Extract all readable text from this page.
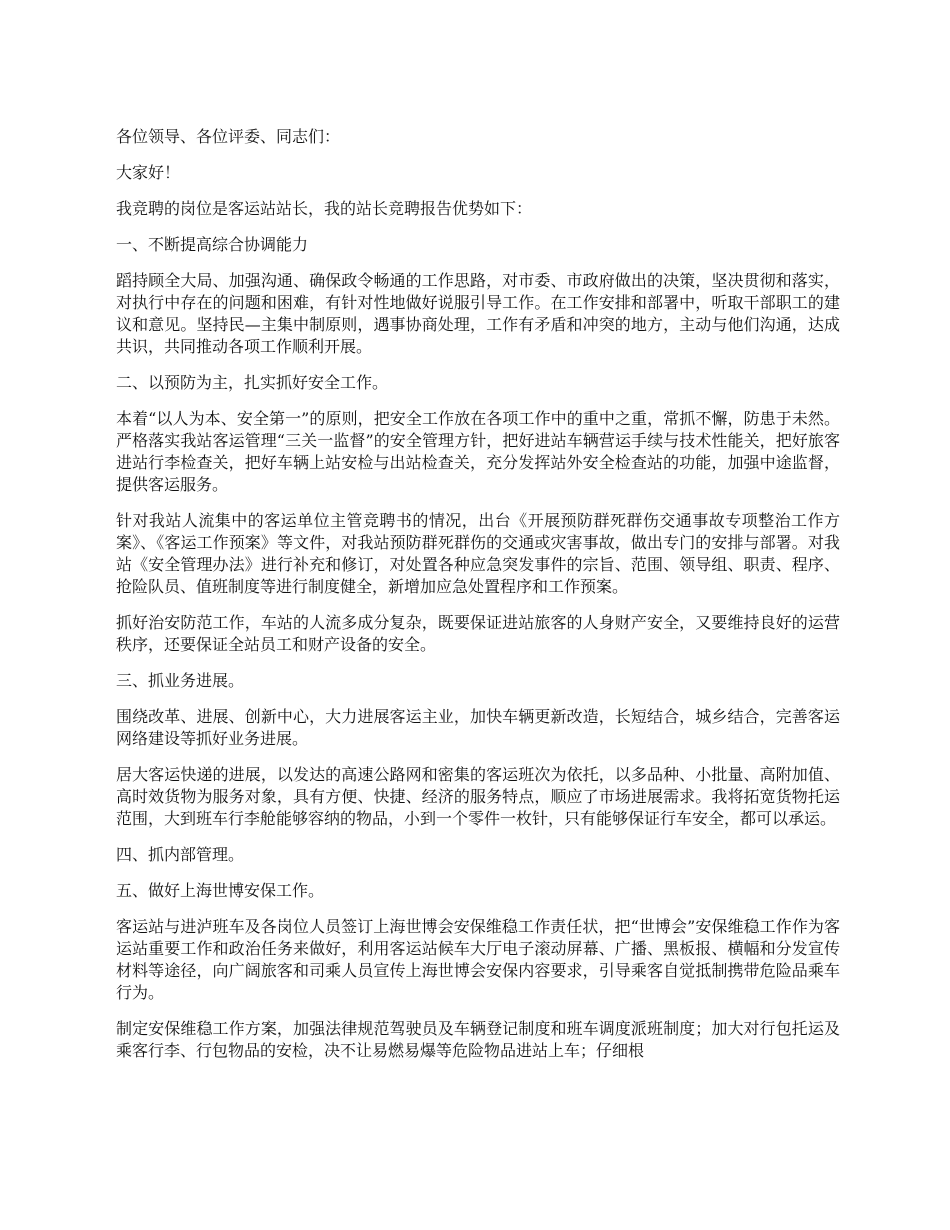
各位领导、各位评委、同志们：

大家好！

我竞聘的岗位是客运站站长，我的站长竞聘报告优势如下：

一、不断提高综合协调能力

蹈持顾全大局、加强沟通、确保政令畅通的工作思路，对市委、市政府做出的决策，坚决贯彻和落实，对执行中存在的问题和困难，有针对性地做好说服引导工作。在工作安排和部署中，听取干部职工的建议和意见。坚持民—主集中制原则，遇事协商处理，工作有矛盾和冲突的地方，主动与他们沟通，达成共识，共同推动各项工作顺利开展。

二、以预防为主，扎实抓好安全工作。

本着“以人为本、安全第一”的原则，把安全工作放在各项工作中的重中之重，常抓不懈，防患于未然。严格落实我站客运管理“三关一监督”的安全管理方针，把好进站车辆营运手续与技术性能关，把好旅客进站行李检查关，把好车辆上站安检与出站检查关，充分发挥站外安全检查站的功能，加强中途监督，提供客运服务。

针对我站人流集中的客运单位主管竞聘书的情况，出台《开展预防群死群伤交通事故专项整治工作方案》、《客运工作预案》等文件，对我站预防群死群伤的交通或灾害事故，做出专门的安排与部署。对我站《安全管理办法》进行补充和修订，对处置各种应急突发事件的宗旨、范围、领导组、职责、程序、抢险队员、值班制度等进行制度健全，新增加应急处置程序和工作预案。

抓好治安防范工作，车站的人流多成分复杂，既要保证进站旅客的人身财产安全，又要维持良好的运营秩序，还要保证全站员工和财产设备的安全。

三、抓业务进展。

围绕改革、进展、创新中心，大力进展客运主业，加快车辆更新改造，长短结合，城乡结合，完善客运网络建设等抓好业务进展。

居大客运快递的进展，以发达的高速公路网和密集的客运班次为依托，以多品种、小批量、高附加值、高时效货物为服务对象，具有方便、快捷、经济的服务特点，顺应了市场进展需求。我将拓宽货物托运范围，大到班车行李舱能够容纳的物品，小到一个零件一枚针，只有能够保证行车安全，都可以承运。

四、抓内部管理。

五、做好上海世博安保工作。

客运站与进泸班车及各岗位人员签订上海世博会安保维稳工作责任状，把“世博会”安保维稳工作作为客运站重要工作和政治任务来做好，利用客运站候车大厅电子滚动屏幕、广播、黑板报、横幅和分发宣传材料等途径，向广阔旅客和司乘人员宣传上海世博会安保内容要求，引导乘客自觉抵制携带危险品乘车行为。

制定安保维稳工作方案，加强法律规范驾驶员及车辆登记制度和班车调度派班制度；加大对行包托运及乘客行李、行包物品的安检，决不让易燃易爆等危险物品进站上车；仔细根
